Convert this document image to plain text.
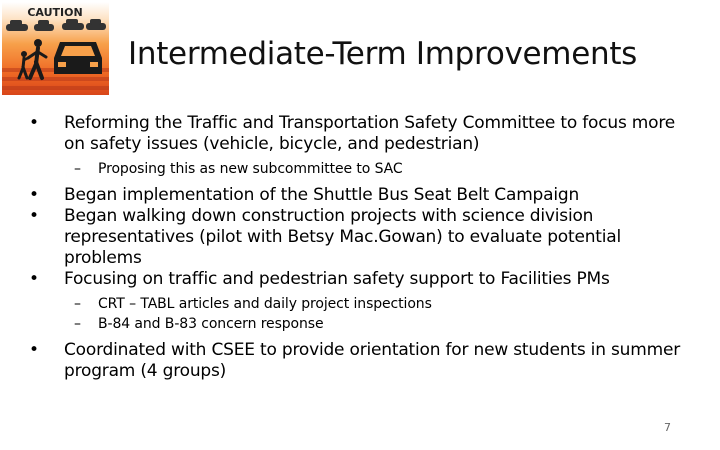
CAUTION
Intermediate-Term Improvements
•	Reforming the Traffic and Transportation Safety Committee to focus more on safety issues (vehicle, bicycle, and pedestrian)
– Proposing this as new subcommittee to SAC
•	Began implementation of the Shuttle Bus Seat Belt Campaign
•	Began walking down construction projects with science division representatives (pilot with Betsy Mac.Gowan) to evaluate potential problems
•	Focusing on traffic and pedestrian safety support to Facilities PMs
– CRT – TABL articles and daily project inspections
– B-84 and B-83 concern response
•	Coordinated with CSEE to provide orientation for new students in summer program (4 groups)
7
